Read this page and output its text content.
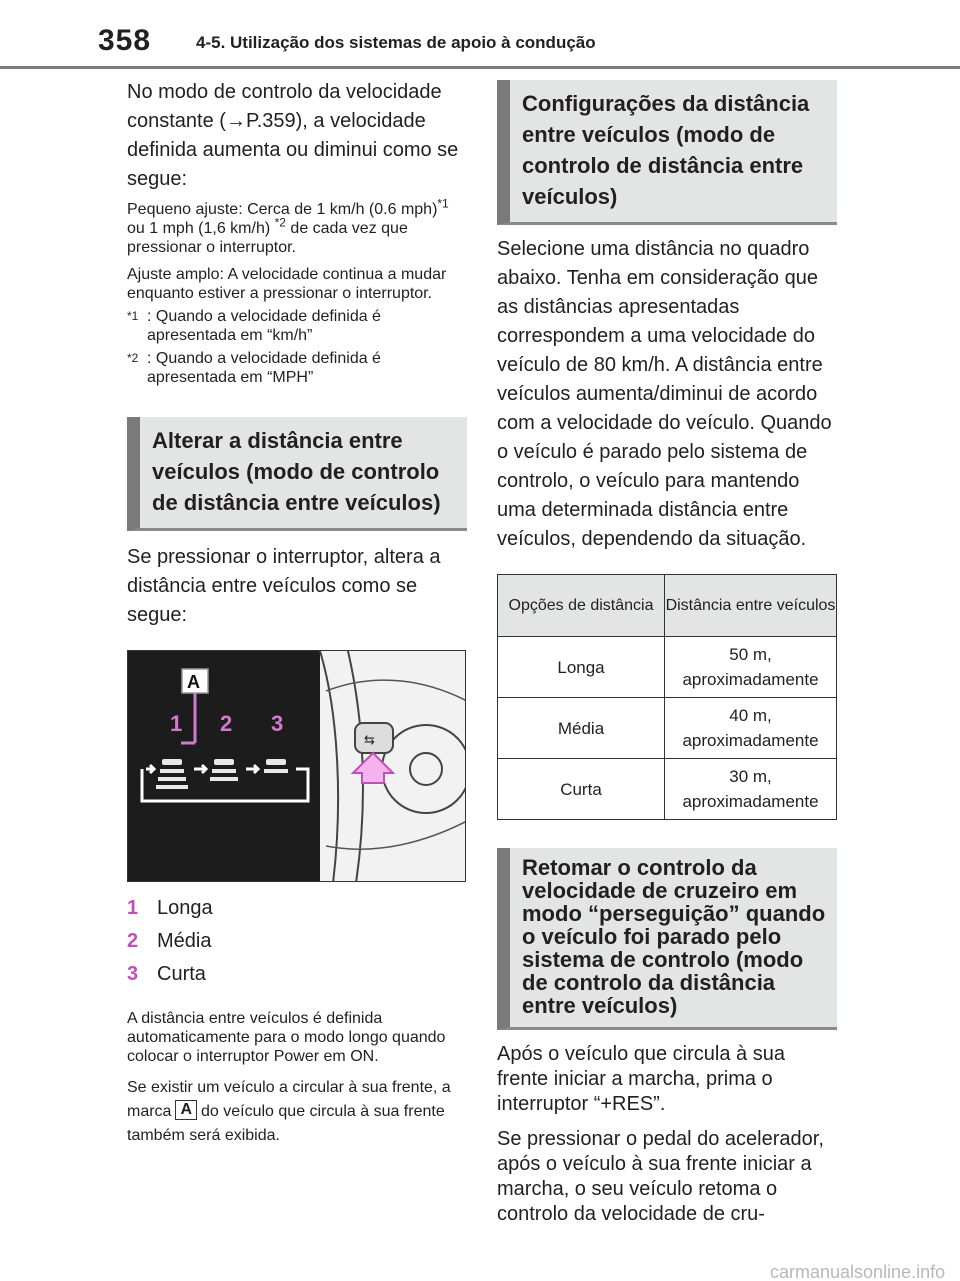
358	4-5. Utilização dos sistemas de apoio à condução

No modo de controlo da velocidade constante (→P.359), a velocidade definida aumenta ou diminui como se segue:

Pequeno ajuste: Cerca de 1 km/h (0.6 mph)$^{*1}$ ou 1 mph (1,6 km/h) $^{*2}$ de cada vez que pressionar o interruptor.

Ajuste amplo: A velocidade continua a mudar enquanto estiver a pressionar o interruptor.

*1 : Quando a velocidade definida é apresentada em “km/h”
*2 : Quando a velocidade definida é apresentada em “MPH”
Alterar a distância entre veículos (modo de controlo de distância entre veículos)

Se pressionar o interruptor, altera a distância entre veículos como se segue:

⇆
A
1 2 3
1 Longa
2 Média
3 Curta

A distância entre veículos é definida automaticamente para o modo longo quando colocar o interruptor Power em ON.

Se existir um veículo a circular à sua frente, a marca A do veículo que circula à sua frente também será exibida.

Configurações da distância entre veículos (modo de controlo de distância entre veículos)

Selecione uma distância no quadro abaixo. Tenha em consideração que as distâncias apresentadas correspondem a uma velocidade do veículo de 80 km/h. A distância entre veículos aumenta/diminui de acordo com a velocidade do veículo. Quando o veículo é parado pelo sistema de controlo, o veículo para mantendo uma determinada distância entre veículos, dependendo da situação.

Opções de distância	Distância entre veículos
Longa	50 m, aproximadamente
Média	40 m, aproximadamente
Curta	30 m, aproximadamente
Retomar o controlo da velocidade de cruzeiro em modo “perseguição” quando o veículo foi parado pelo sistema de controlo (modo de controlo da distância entre veículos)

Após o veículo que circula à sua frente iniciar a marcha, prima o interruptor “+RES”.

Se pressionar o pedal do acelerador, após o veículo à sua frente iniciar a marcha, o seu veículo retoma o controlo da velocidade de cru-

carmanualsonline.info
